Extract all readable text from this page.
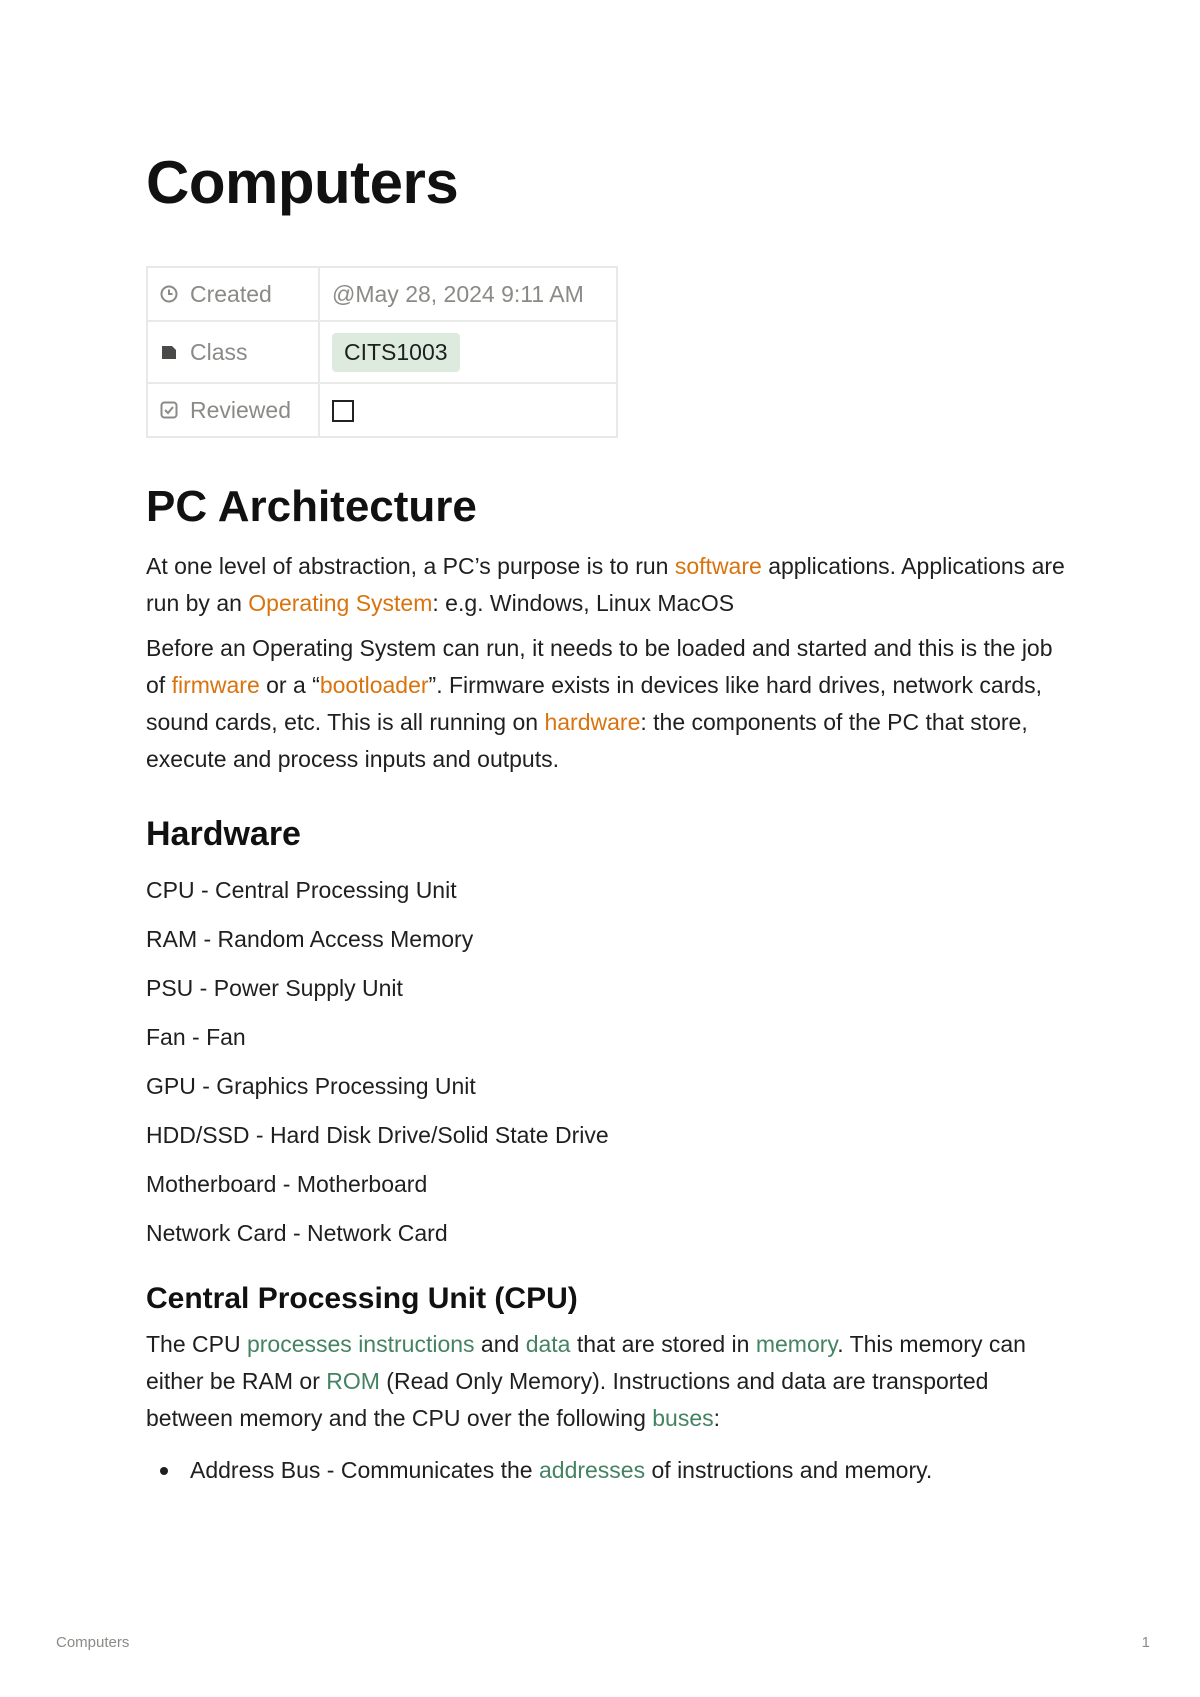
Computers
Created	@May 28, 2024 9:11 AM

Class	CITS1003

Reviewed	

PC Architecture

At one level of abstraction, a PC’s purpose is to run software applications. Applications are run by an Operating System: e.g. Windows, Linux MacOS

Before an Operating System can run, it needs to be loaded and started and this is the job of firmware or a “bootloader”. Firmware exists in devices like hard drives, network cards, sound cards, etc. This is all running on hardware: the components of the PC that store, execute and process inputs and outputs.

Hardware
CPU - Central Processing Unit
RAM - Random Access Memory
PSU - Power Supply Unit
Fan - Fan
GPU - Graphics Processing Unit
HDD/SSD - Hard Disk Drive/Solid State Drive
Motherboard - Motherboard
Network Card - Network Card
Central Processing Unit (CPU)

The CPU processes instructions and data that are stored in memory. This memory can either be RAM or ROM (Read Only Memory). Instructions and data are transported between memory and the CPU over the following buses:

Address Bus - Communicates the addresses of instructions and memory.
Computers	1
